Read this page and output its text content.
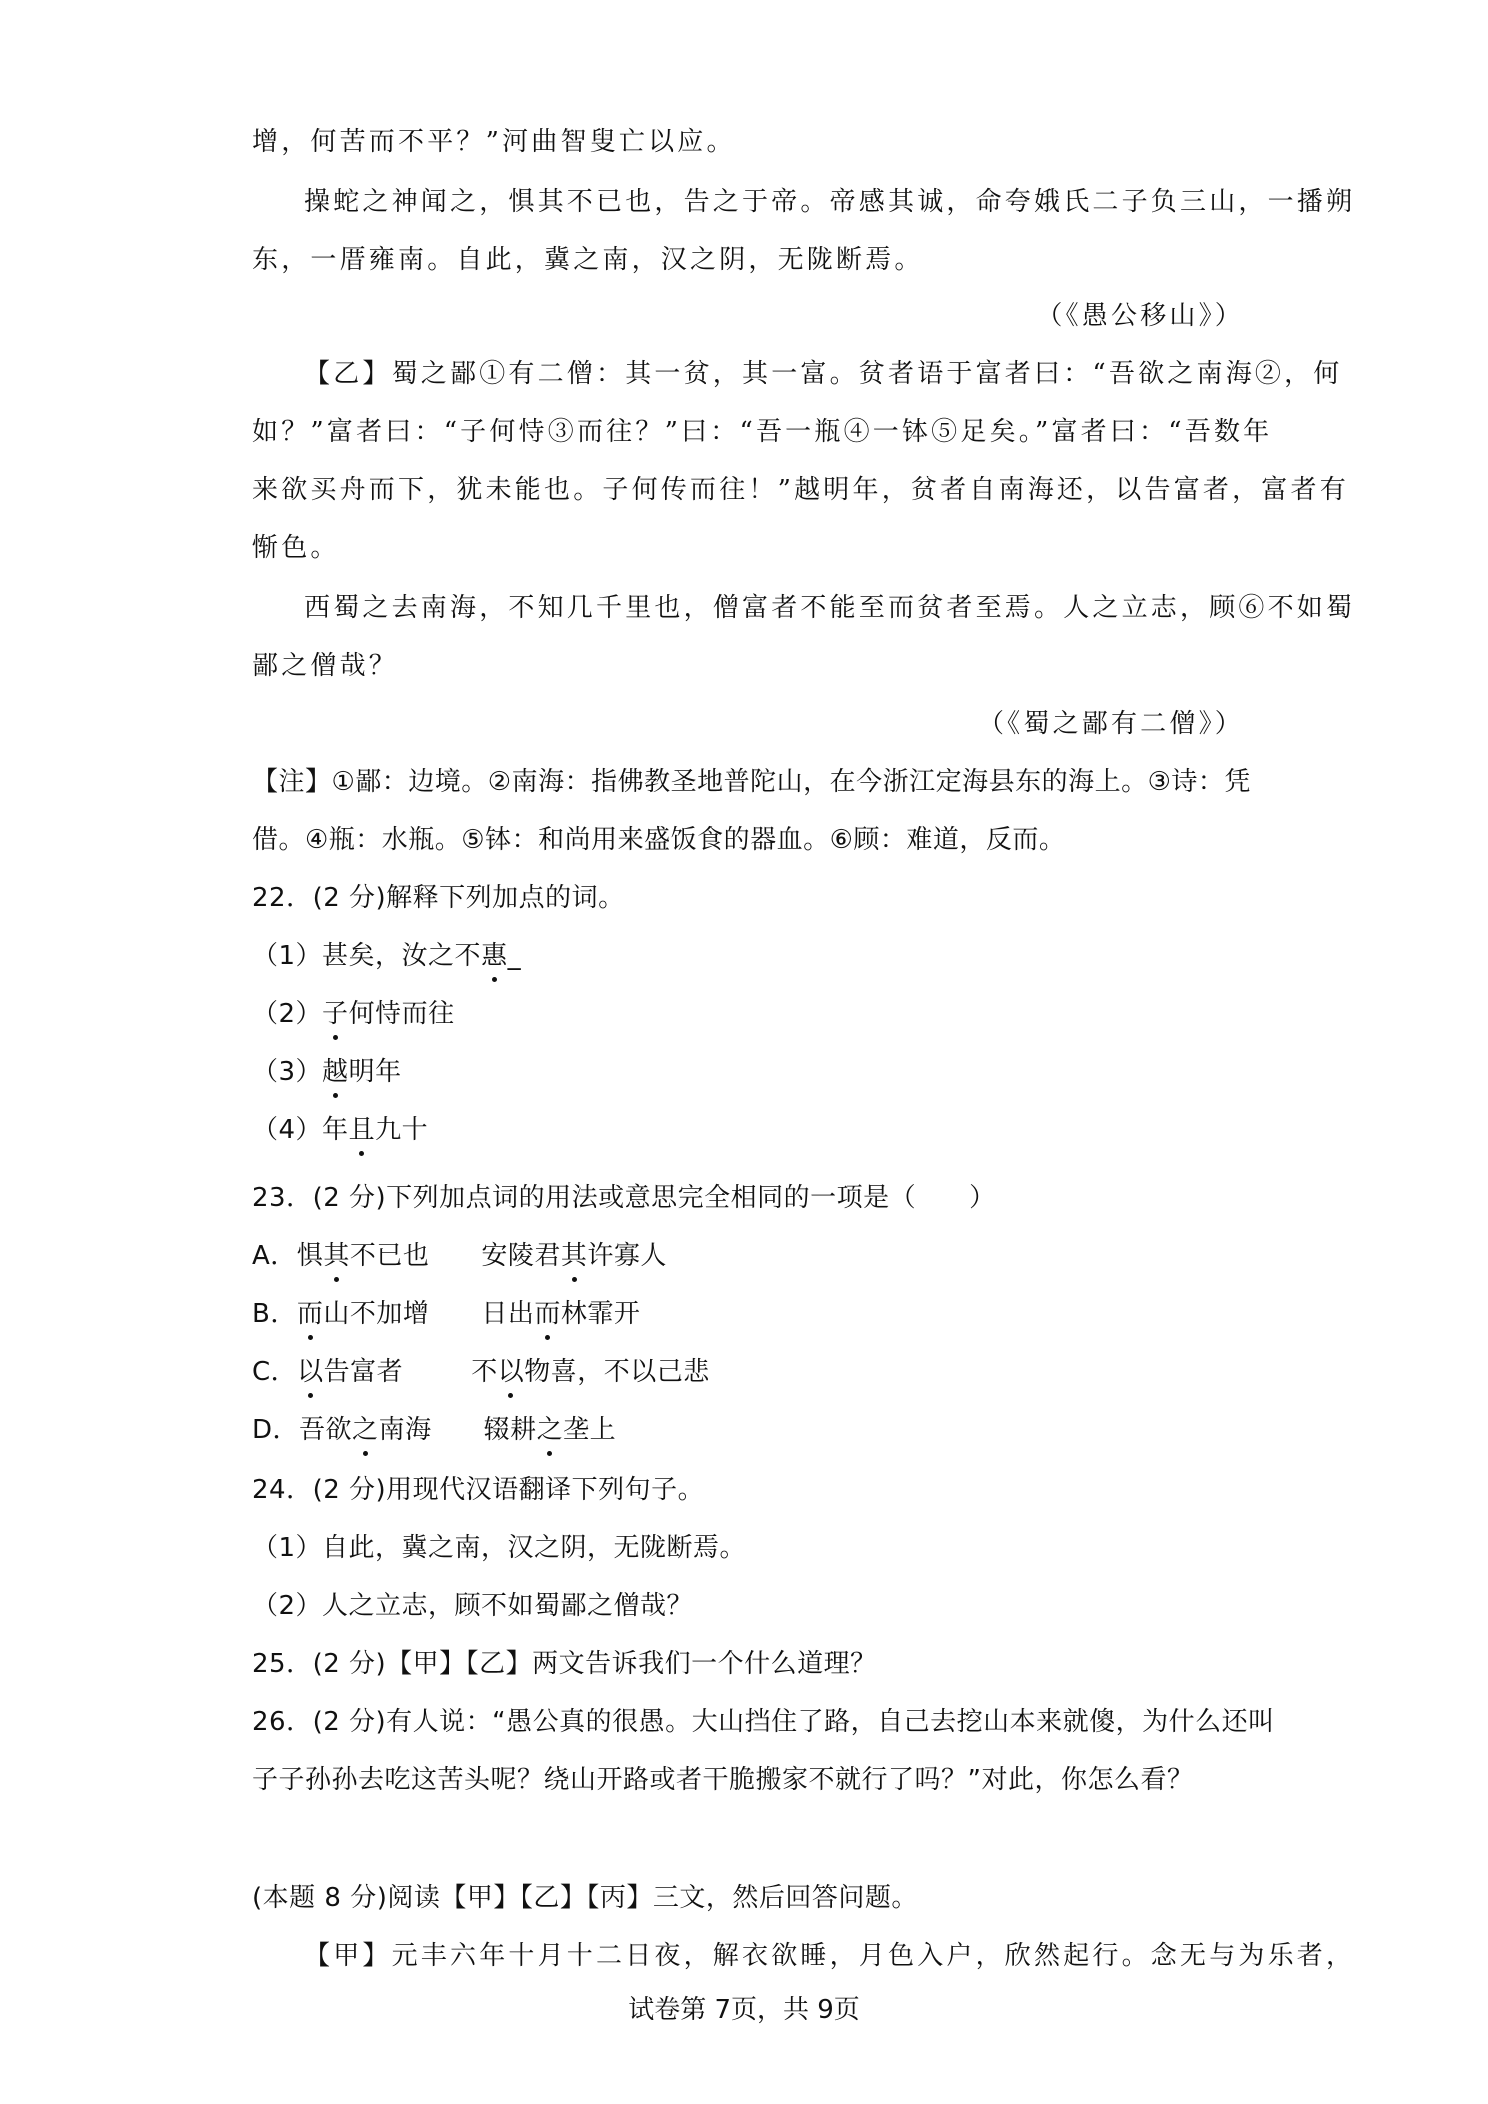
增，何苦而不平？”河曲智叟亡以应。
操蛇之神闻之，惧其不已也，告之于帝。帝感其诚，命夸娥氏二子负三山，一播朔
东，一厝雍南。自此，冀之南，汉之阴，无陇断焉。
（《愚公移山》）
【乙】蜀之鄙①有二僧：其一贫，其一富。贫者语于富者曰：“吾欲之南海②，何
如？”富者曰：“子何恃③而往？”曰：“吾一瓶④一钵⑤足矣。”富者曰：“吾数年
来欲买舟而下，犹未能也。子何传而往！”越明年，贫者自南海还，以告富者，富者有
惭色。
西蜀之去南海，不知几千里也，僧富者不能至而贫者至焉。人之立志，顾⑥不如蜀
鄙之僧哉？
（《蜀之鄙有二僧》）
【注】①鄙：边境。②南海：指佛教圣地普陀山，在今浙江定海县东的海上。③诗：凭
借。④瓶：水瓶。⑤钵：和尚用来盛饭食的器血。⑥顾：难道，反而。
22．(2 分)解释下列加点的词。
（1）甚矣，汝之不惠_
（2）子何恃而往
（3）越明年
（4）年且九十
23．(2 分)下列加点词的用法或意思完全相同的一项是（　　）
A．惧其不已也 安陵君其许寡人
B．而山不加增 日出而林霏开
C．以告富者	不以物喜，不以己悲
D．吾欲之南海 辍耕之垄上
24．(2 分)用现代汉语翻译下列句子。
（1）自此，冀之南，汉之阴，无陇断焉。
（2）人之立志，顾不如蜀鄙之僧哉？
25．(2 分)【甲】【乙】两文告诉我们一个什么道理？
26．(2 分)有人说：“愚公真的很愚。大山挡住了路，自己去挖山本来就傻，为什么还叫
子子孙孙去吃这苦头呢？绕山开路或者干脆搬家不就行了吗？”对此，你怎么看？
(本题 8 分)阅读【甲】【乙】【丙】三文，然后回答问题。
【甲】元丰六年十月十二日夜，解衣欲睡，月色入户，欣然起行。念无与为乐者，
试卷第 7页，共 9页
